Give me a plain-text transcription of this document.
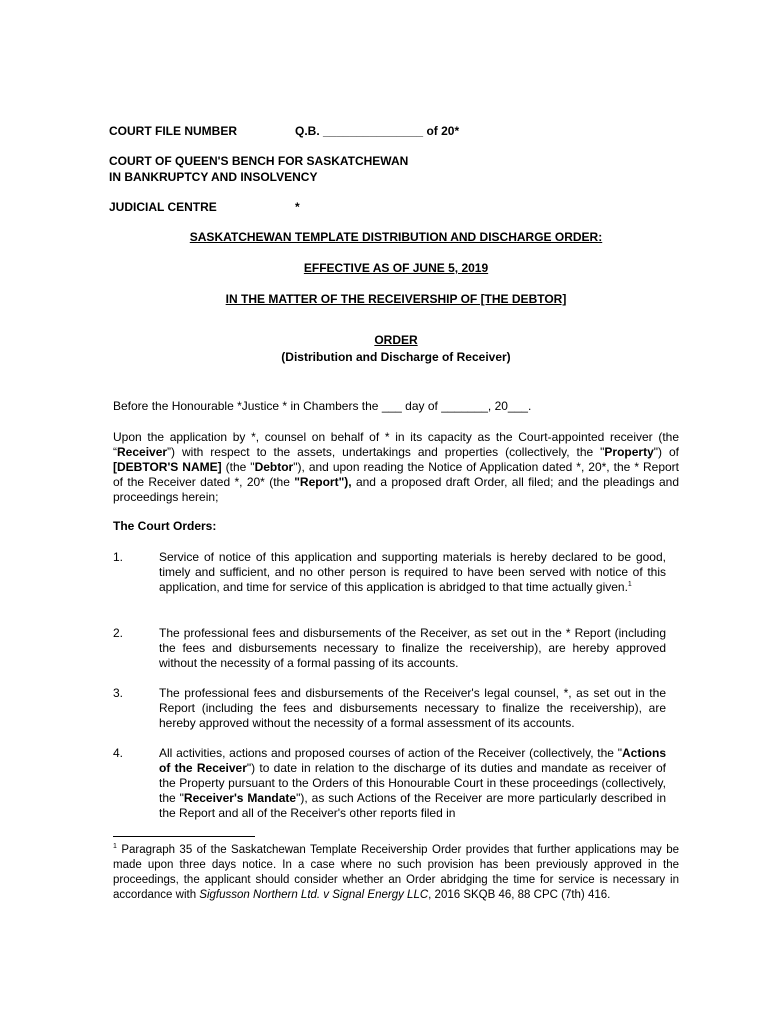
COURT FILE NUMBER	Q.B. _______________ of 20*
COURT OF QUEEN'S BENCH FOR SASKATCHEWAN
IN BANKRUPTCY AND INSOLVENCY
JUDICIAL CENTRE	*
SASKATCHEWAN TEMPLATE DISTRIBUTION AND DISCHARGE ORDER:
EFFECTIVE AS OF JUNE 5, 2019
IN THE MATTER OF THE RECEIVERSHIP OF [THE DEBTOR]
ORDER
(Distribution and Discharge of Receiver)
Before the Honourable *Justice * in Chambers the ___ day of _______, 20___.
Upon the application by *, counsel on behalf of * in its capacity as the Court-appointed receiver (the “Receiver”) with respect to the assets, undertakings and properties (collectively, the "Property") of [DEBTOR'S NAME] (the "Debtor"), and upon reading the Notice of Application dated *, 20*, the * Report of the Receiver dated *, 20* (the "Report"), and a proposed draft Order, all filed; and the pleadings and proceedings herein;
The Court Orders:
1.	Service of notice of this application and supporting materials is hereby declared to be good, timely and sufficient, and no other person is required to have been served with notice of this application, and time for service of this application is abridged to that time actually given.$^1$
2.	The professional fees and disbursements of the Receiver, as set out in the * Report (including the fees and disbursements necessary to finalize the receivership), are hereby approved without the necessity of a formal passing of its accounts.
3.	The professional fees and disbursements of the Receiver's legal counsel, *, as set out in the Report (including the fees and disbursements necessary to finalize the receivership), are hereby approved without the necessity of a formal assessment of its accounts.
4.	All activities, actions and proposed courses of action of the Receiver (collectively, the "Actions of the Receiver") to date in relation to the discharge of its duties and mandate as receiver of the Property pursuant to the Orders of this Honourable Court in these proceedings (collectively, the "Receiver's Mandate"), as such Actions of the Receiver are more particularly described in the Report and all of the Receiver's other reports filed in
$^1$ Paragraph 35 of the Saskatchewan Template Receivership Order provides that further applications may be made upon three days notice. In a case where no such provision has been previously approved in the proceedings, the applicant should consider whether an Order abridging the time for service is necessary in accordance with Sigfusson Northern Ltd. v Signal Energy LLC, 2016 SKQB 46, 88 CPC (7th) 416.
